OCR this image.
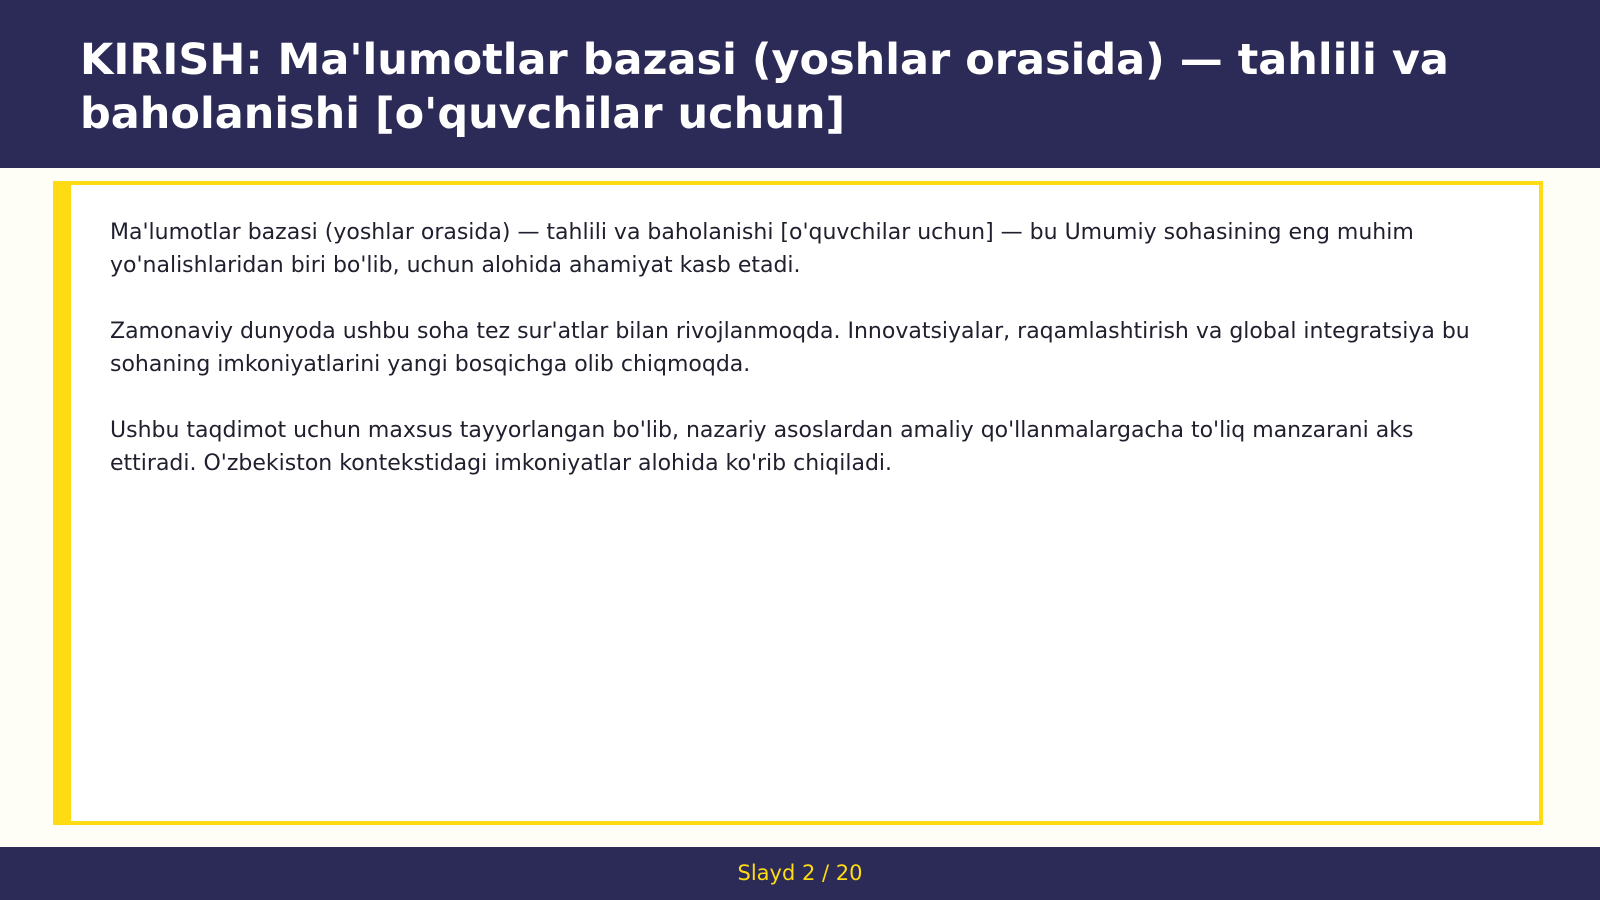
KIRISH: Ma'lumotlar bazasi (yoshlar orasida) — tahlili va baholanishi [o'quvchilar uchun]

Ma'lumotlar bazasi (yoshlar orasida) — tahlili va baholanishi [o'quvchilar uchun] — bu Umumiy sohasining eng muhim yo'nalishlaridan biri bo'lib, uchun alohida ahamiyat kasb etadi.

Zamonaviy dunyoda ushbu soha tez sur'atlar bilan rivojlanmoqda. Innovatsiyalar, raqamlashtirish va global integratsiya bu sohaning imkoniyatlarini yangi bosqichga olib chiqmoqda.

Ushbu taqdimot uchun maxsus tayyorlangan bo'lib, nazariy asoslardan amaliy qo'llanmalargacha to'liq manzarani aks ettiradi. O'zbekiston kontekstidagi imkoniyatlar alohida ko'rib chiqiladi.

Slayd 2 / 20
